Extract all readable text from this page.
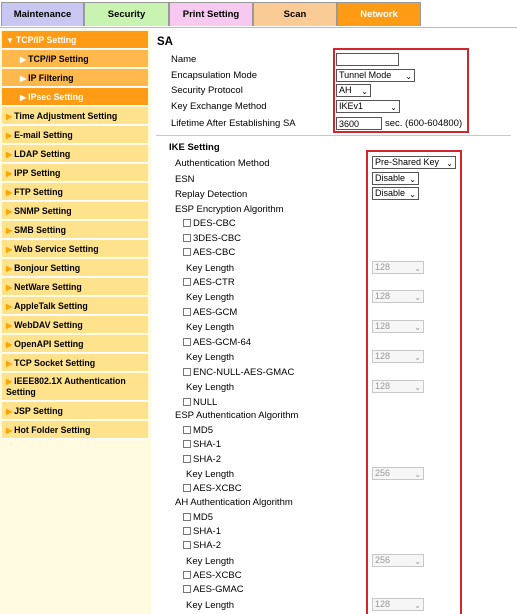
Maintenance	Security	Print Setting	Scan	Network
▼ TCP/IP Setting
▶ TCP/IP Setting
▶ IP Filtering
▶ IPsec Setting
▶ Time Adjustment Setting
▶ E-mail Setting
▶ LDAP Setting
▶ IPP Setting
▶ FTP Setting
▶ SNMP Setting
▶ SMB Setting
▶ Web Service Setting
▶ Bonjour Setting
▶ NetWare Setting
▶ AppleTalk Setting
▶ WebDAV Setting
▶ OpenAPI Setting
▶ TCP Socket Setting
▶ IEEE802.1X Authentication Setting
▶ JSP Setting
▶ Hot Folder Setting
SA
Name
Encapsulation Mode	Tunnel Mode ⌄
Security Protocol	AH ⌄
Key Exchange Method	IKEv1	⌄
Lifetime After Establishing SA
3600	sec. (600-604800)
IKE Setting
Authentication Method	Pre-Shared Key ⌄
ESN	Disable ⌄
Replay Detection	Disable ⌄
ESP Encryption Algorithm
DES-CBC
3DES-CBC
AES-CBC
Key Length	128	⌄
AES-CTR
Key Length	128	⌄
AES-GCM
Key Length	128	⌄
AES-GCM-64
Key Length	128	⌄
ENC-NULL-AES-GMAC
Key Length	128	⌄
NULL
ESP Authentication Algorithm
MD5
SHA-1
SHA-2
Key Length	256	⌄
AES-XCBC
AH Authentication Algorithm
MD5
SHA-1
SHA-2
Key Length	256	⌄
AES-XCBC
AES-GMAC
Key Length	128	⌄
